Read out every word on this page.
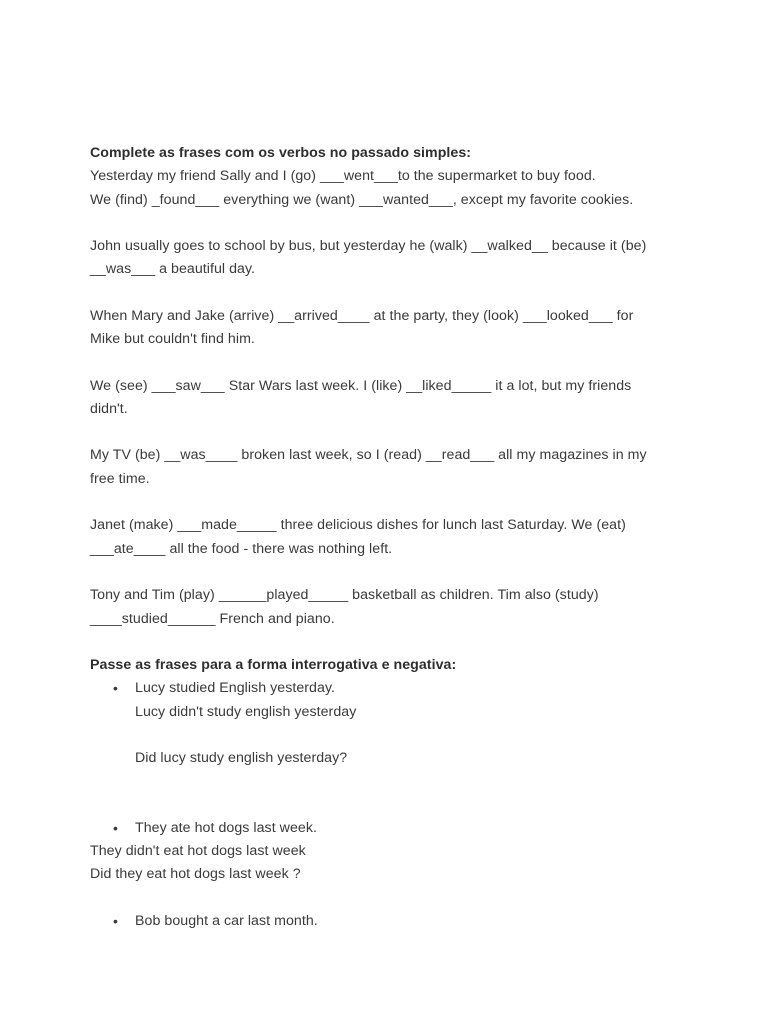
Complete as frases com os verbos no passado simples:
Yesterday my friend Sally and I (go) ___went___to the supermarket to buy food.
We (find) _found___ everything we (want) ___wanted___, except my favorite cookies.
John usually goes to school by bus, but yesterday he (walk) __walked__ because it (be)
__was___ a beautiful day.
When Mary and Jake (arrive) __arrived____ at the party, they (look) ___looked___ for
Mike but couldn't find him.
We (see) ___saw___ Star Wars last week. I (like) __liked_____ it a lot, but my friends
didn't.
My TV (be) __was____ broken last week, so I (read) __read___ all my magazines in my
free time.
Janet (make) ___made_____ three delicious dishes for lunch last Saturday. We (eat)
___ate____ all the food - there was nothing left.
Tony and Tim (play) ______played_____ basketball as children. Tim also (study)
____studied______ French and piano.
Passe as frases para a forma interrogativa e negativa:
• Lucy studied English yesterday.
Lucy didn't study english yesterday
Did lucy study english yesterday?
• They ate hot dogs last week.
They didn't eat hot dogs last week
Did they eat hot dogs last week ?
• Bob bought a car last month.
